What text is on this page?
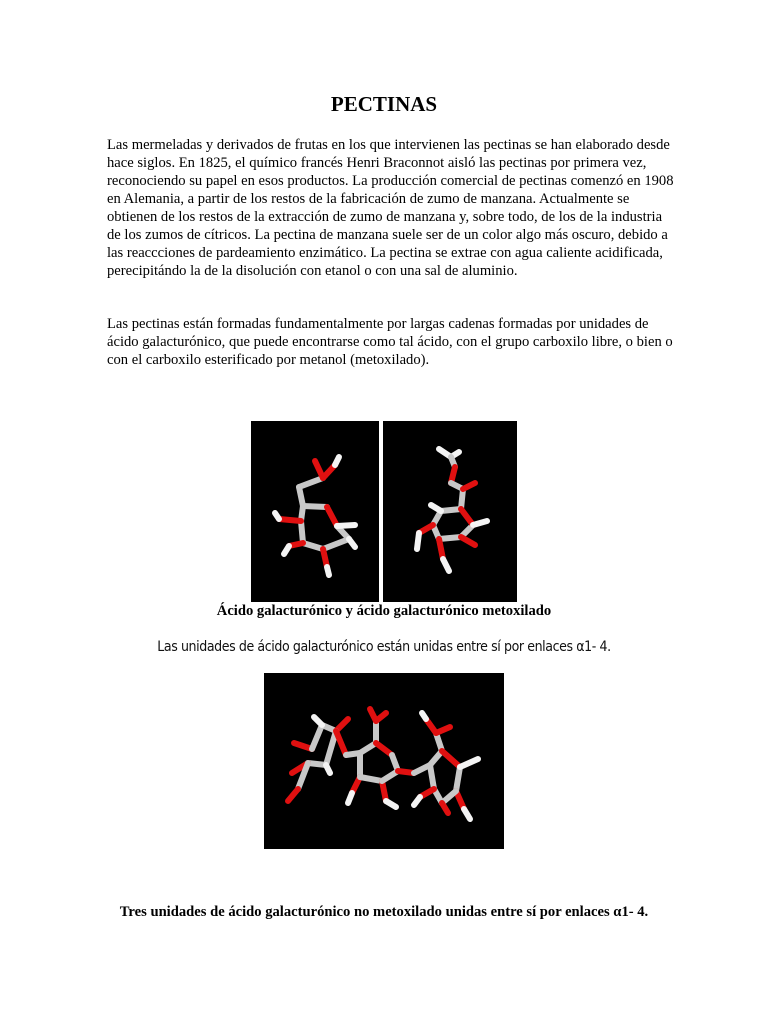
PECTINAS

Las mermeladas y derivados de frutas en los que intervienen las pectinas se han elaborado desde hace siglos. En 1825, el químico francés Henri Braconnot aisló las pectinas por primera vez, reconociendo su papel en esos productos. La producción comercial de pectinas comenzó en 1908 en Alemania, a partir de los restos de la fabricación de zumo de manzana. Actualmente se obtienen de los restos de la extracción de zumo de manzana y, sobre todo, de los de la industria de los zumos de cítricos. La pectina de manzana suele ser de un color algo más oscuro, debido a las reaccciones de pardeamiento enzimático. La pectina se extrae con agua caliente acidificada, perecipitándo la de la disolución con etanol o con una sal de aluminio.

Las pectinas están formadas fundamentalmente por largas cadenas formadas por unidades de ácido galacturónico, que puede encontrarse como tal ácido, con el grupo carboxilo libre, o bien o con el carboxilo esterificado por metanol (metoxilado).

Ácido galacturónico y ácido galacturónico metoxilado
Las unidades de ácido galacturónico están unidas entre sí por enlaces α1- 4.
Tres unidades de ácido galacturónico no metoxilado unidas entre sí por enlaces α1- 4.
